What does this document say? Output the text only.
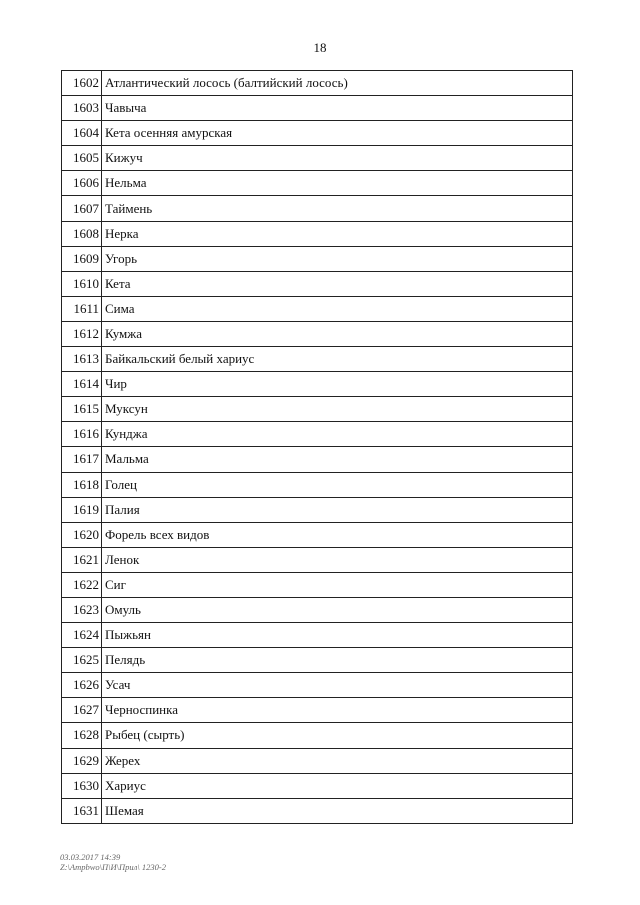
18
1602	Атлантический лосось (балтийский лосось)
1603	Чавыча
1604	Кета осенняя амурская
1605	Кижуч
1606	Нельма
1607	Таймень
1608	Нерка
1609	Угорь
1610	Кета
1611	Сима
1612	Кумжа
1613	Байкальский белый хариус
1614	Чир
1615	Муксун
1616	Кунджа
1617	Мальма
1618	Голец
1619	Палия
1620	Форель всех видов
1621	Ленок
1622	Сиг
1623	Омуль
1624	Пыжьян
1625	Пелядь
1626	Усач
1627	Черноспинка
1628	Рыбец (сырть)
1629	Жерех
1630	Хариус
1631	Шемая
03.03.2017 14:39
Z:\Ampbwo\П\И\Прил\ 1230-2
